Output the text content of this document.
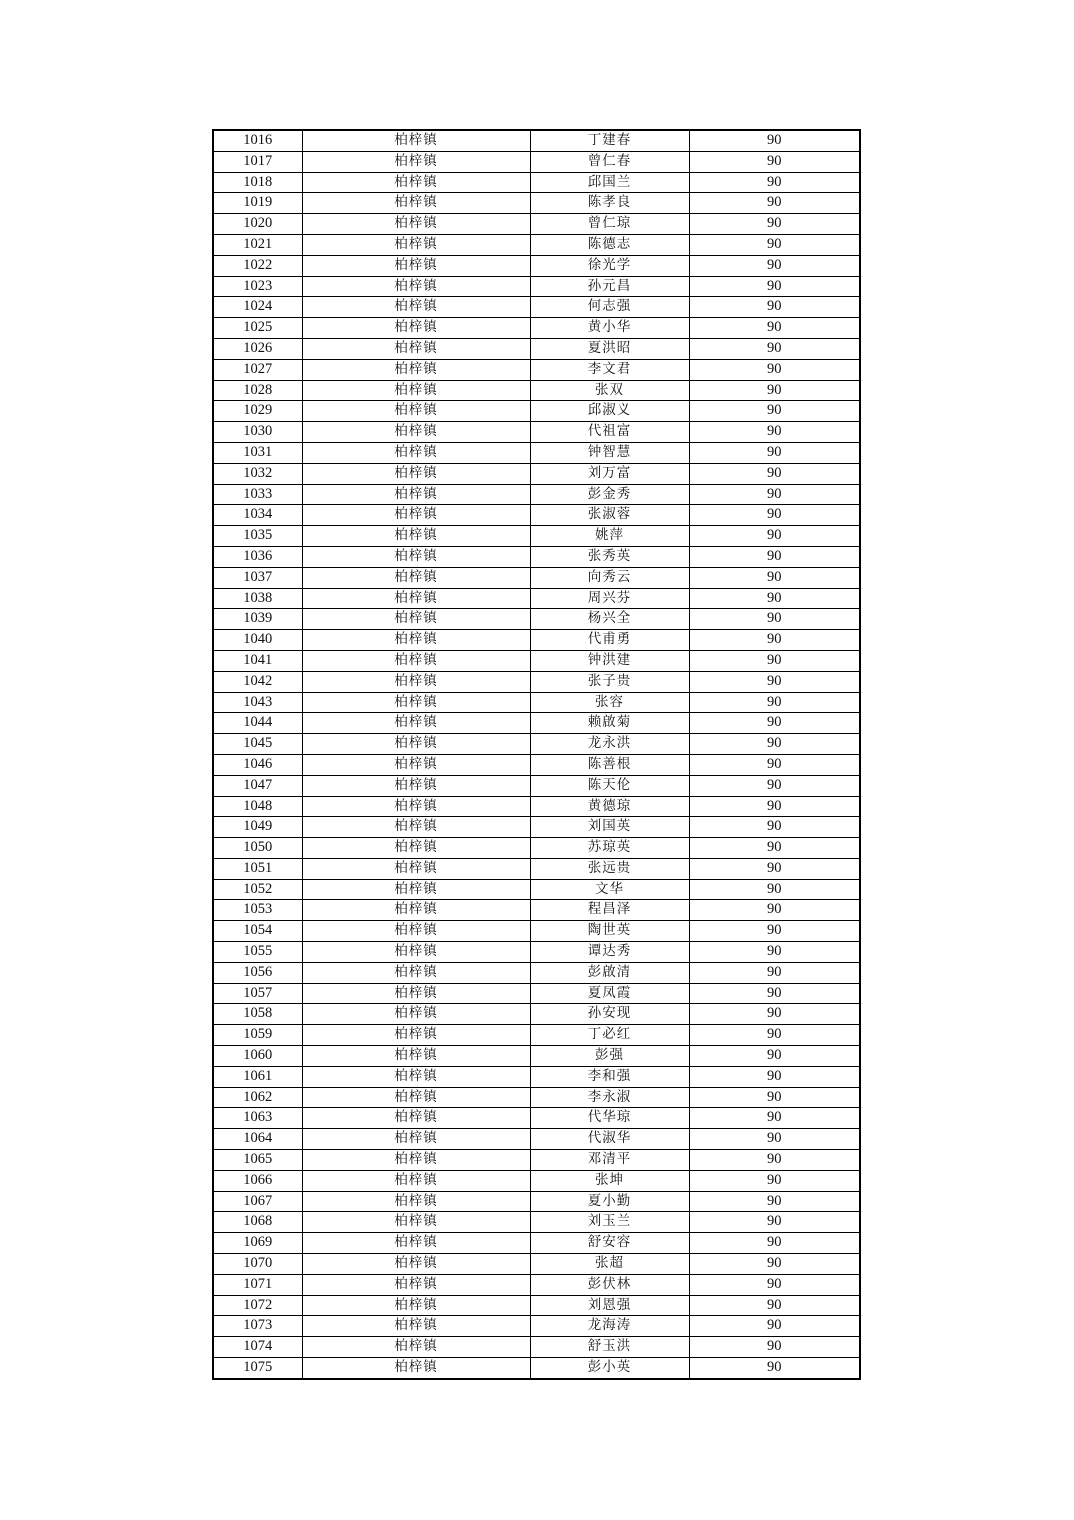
1016	柏梓镇	丁建春	90
1017	柏梓镇	曾仁春	90
1018	柏梓镇	邱国兰	90
1019	柏梓镇	陈孝良	90
1020	柏梓镇	曾仁琼	90
1021	柏梓镇	陈德志	90
1022	柏梓镇	徐光学	90
1023	柏梓镇	孙元昌	90
1024	柏梓镇	何志强	90
1025	柏梓镇	黄小华	90
1026	柏梓镇	夏洪昭	90
1027	柏梓镇	李文君	90
1028	柏梓镇	张双	90
1029	柏梓镇	邱淑义	90
1030	柏梓镇	代祖富	90
1031	柏梓镇	钟智慧	90
1032	柏梓镇	刘万富	90
1033	柏梓镇	彭金秀	90
1034	柏梓镇	张淑蓉	90
1035	柏梓镇	姚萍	90
1036	柏梓镇	张秀英	90
1037	柏梓镇	向秀云	90
1038	柏梓镇	周兴芬	90
1039	柏梓镇	杨兴全	90
1040	柏梓镇	代甫勇	90
1041	柏梓镇	钟洪建	90
1042	柏梓镇	张子贵	90
1043	柏梓镇	张容	90
1044	柏梓镇	赖啟菊	90
1045	柏梓镇	龙永洪	90
1046	柏梓镇	陈善根	90
1047	柏梓镇	陈天伦	90
1048	柏梓镇	黄德琼	90
1049	柏梓镇	刘国英	90
1050	柏梓镇	苏琼英	90
1051	柏梓镇	张远贵	90
1052	柏梓镇	文华	90
1053	柏梓镇	程昌泽	90
1054	柏梓镇	陶世英	90
1055	柏梓镇	谭达秀	90
1056	柏梓镇	彭啟清	90
1057	柏梓镇	夏凤霞	90
1058	柏梓镇	孙安现	90
1059	柏梓镇	丁必红	90
1060	柏梓镇	彭强	90
1061	柏梓镇	李和强	90
1062	柏梓镇	李永淑	90
1063	柏梓镇	代华琼	90
1064	柏梓镇	代淑华	90
1065	柏梓镇	邓清平	90
1066	柏梓镇	张坤	90
1067	柏梓镇	夏小勤	90
1068	柏梓镇	刘玉兰	90
1069	柏梓镇	舒安容	90
1070	柏梓镇	张超	90
1071	柏梓镇	彭伏林	90
1072	柏梓镇	刘恩强	90
1073	柏梓镇	龙海涛	90
1074	柏梓镇	舒玉洪	90
1075	柏梓镇	彭小英	90
